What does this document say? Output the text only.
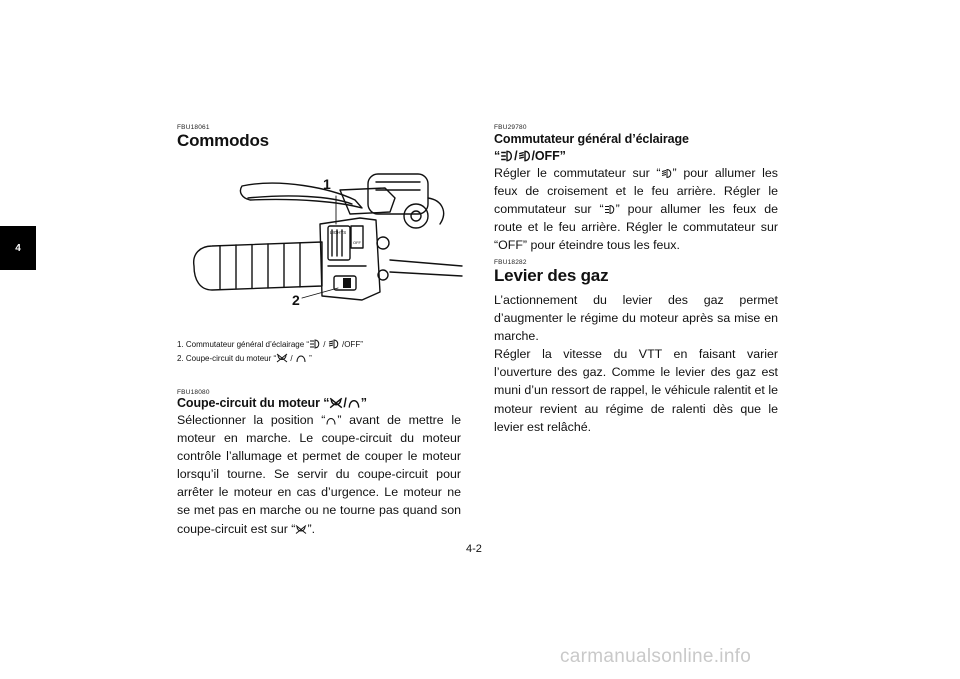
4
FBU18061
Commodos
LIGHTS
OFF
1
2
1. Commutateur général d’éclairage “ /  /OFF”
2. Coupe-circuit du moteur “ /  ”
FBU18080
Coupe-circuit du moteur “ / ”

Sélectionner la position “ ” avant de mettre le moteur en marche. Le coupe-circuit du moteur contrôle l’allumage et permet de couper le moteur lorsqu’il tourne. Se servir du coupe-circuit pour arrêter le moteur en cas d’urgence. Le moteur ne se met pas en marche ou ne tourne pas quand son coupe-circuit est sur “ ”.

FBU29780
Commutateur général d’éclairage
“ / /OFF”

Régler le commutateur sur “ ” pour allumer les feux de croisement et le feu arrière. Régler le commutateur sur “ ” pour allumer les feux de route et le feu arrière. Régler le commutateur sur “OFF” pour éteindre tous les feux.

FBU18282
Levier des gaz

L’actionnement du levier des gaz permet d’augmenter le régime du moteur après sa mise en marche.
Régler la vitesse du VTT en faisant varier l’ouverture des gaz. Comme le levier des gaz est muni d’un ressort de rappel, le véhicule ralentit et le moteur revient au régime de ralenti dès que le levier est relâché.

4-2
carmanualsonline.info
